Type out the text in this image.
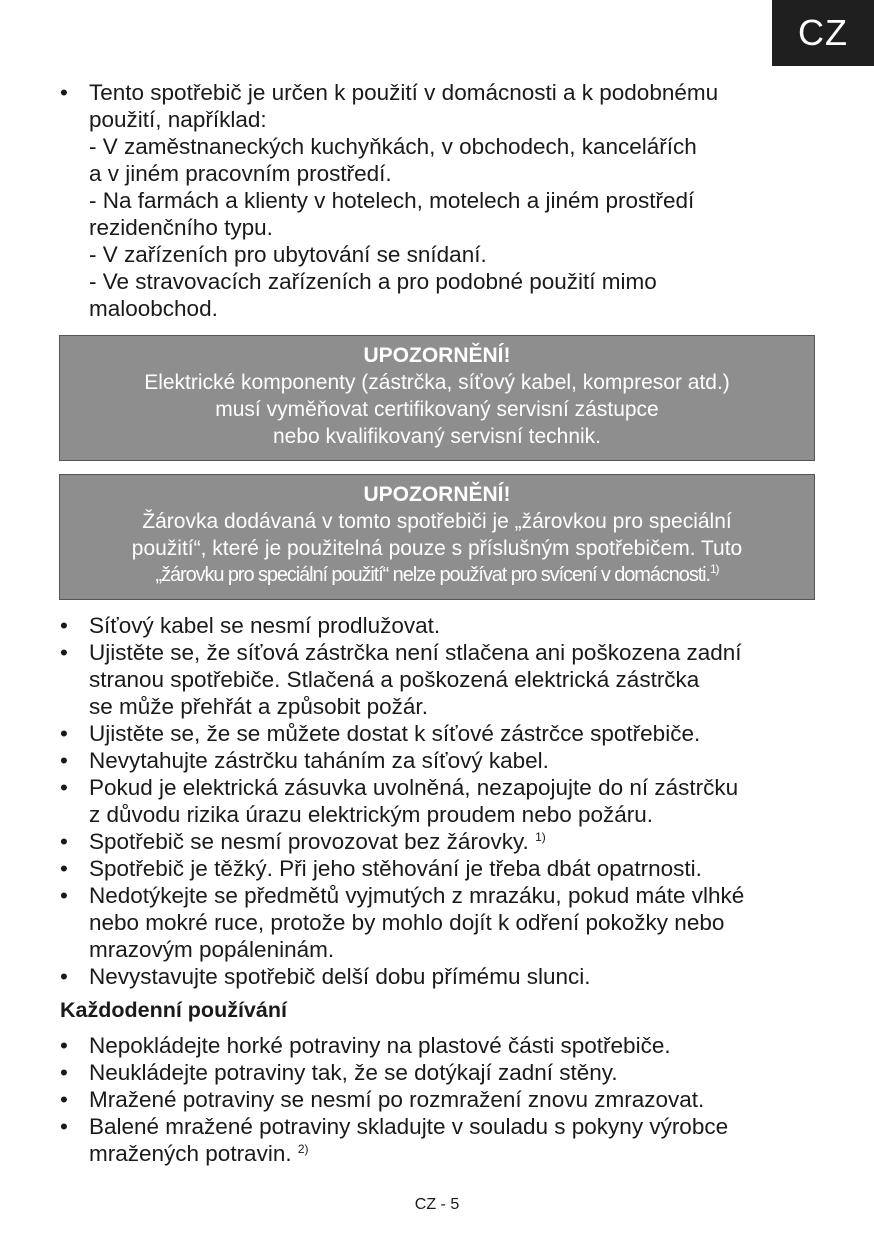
CZ
• Tento spotřebič je určen k použití v domácnosti a k podobnému
použití, například:
- V zaměstnaneckých kuchyňkách, v obchodech, kancelářích
a v jiném pracovním prostředí.
- Na farmách a klienty v hotelech, motelech a jiném prostředí
rezidenčního typu.
- V zařízeních pro ubytování se snídaní.
- Ve stravovacích zařízeních a pro podobné použití mimo
maloobchod.
UPOZORNĚNÍ!
Elektrické komponenty (zástrčka, síťový kabel, kompresor atd.)
musí vyměňovat certifikovaný servisní zástupce
nebo kvalifikovaný servisní technik.
UPOZORNĚNÍ!
Žárovka dodávaná v tomto spotřebiči je „žárovkou pro speciální
použití“, které je použitelná pouze s příslušným spotřebičem. Tuto
„žárovku pro speciální použití“ nelze používat pro svícení v domácnosti.$^{1)}$
• Síťový kabel se nesmí prodlužovat.
• Ujistěte se, že síťová zástrčka není stlačena ani poškozena zadní
stranou spotřebiče. Stlačená a poškozená elektrická zástrčka
se může přehřát a způsobit požár.
• Ujistěte se, že se můžete dostat k síťové zástrčce spotřebiče.
• Nevytahujte zástrčku taháním za síťový kabel.
• Pokud je elektrická zásuvka uvolněná, nezapojujte do ní zástrčku
z důvodu rizika úrazu elektrickým proudem nebo požáru.
• Spotřebič se nesmí provozovat bez žárovky. $^{1)}$
• Spotřebič je těžký. Při jeho stěhování je třeba dbát opatrnosti.
• Nedotýkejte se předmětů vyjmutých z mrazáku, pokud máte vlhké
nebo mokré ruce, protože by mohlo dojít k odření pokožky nebo
mrazovým popáleninám.
• Nevystavujte spotřebič delší dobu přímému slunci.
Každodenní používání
• Nepokládejte horké potraviny na plastové části spotřebiče.
• Neukládejte potraviny tak, že se dotýkají zadní stěny.
• Mražené potraviny se nesmí po rozmražení znovu zmrazovat.
• Balené mražené potraviny skladujte v souladu s pokyny výrobce
mražených potravin. $^{2)}$
CZ - 5
